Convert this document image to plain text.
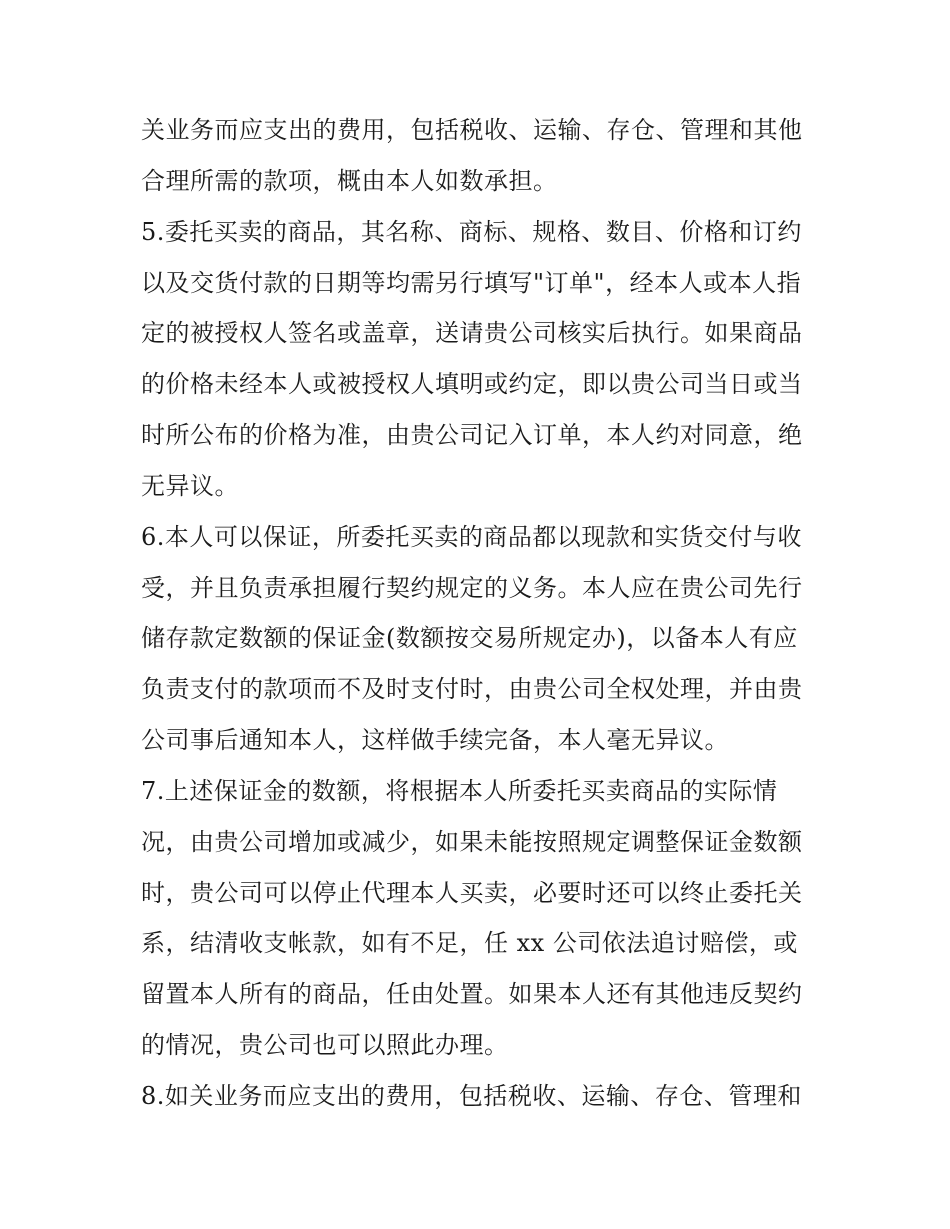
关业务而应支出的费用，包括税收、运输、存仓、管理和其他
合理所需的款项，概由本人如数承担。
5.委托买卖的商品，其名称、商标、规格、数目、价格和订约
以及交货付款的日期等均需另行填写"订单"，经本人或本人指
定的被授权人签名或盖章，送请贵公司核实后执行。如果商品
的价格未经本人或被授权人填明或约定，即以贵公司当日或当
时所公布的价格为准，由贵公司记入订单，本人约对同意，绝
无异议。
6.本人可以保证，所委托买卖的商品都以现款和实货交付与收
受，并且负责承担履行契约规定的义务。本人应在贵公司先行
储存款定数额的保证金(数额按交易所规定办)，以备本人有应
负责支付的款项而不及时支付时，由贵公司全权处理，并由贵
公司事后通知本人，这样做手续完备，本人毫无异议。
7.上述保证金的数额，将根据本人所委托买卖商品的实际情
况，由贵公司增加或减少，如果未能按照规定调整保证金数额
时，贵公司可以停止代理本人买卖，必要时还可以终止委托关
系，结清收支帐款，如有不足，任 xx 公司依法追讨赔偿，或
留置本人所有的商品，任由处置。如果本人还有其他违反契约
的情况，贵公司也可以照此办理。
8.如关业务而应支出的费用，包括税收、运输、存仓、管理和
